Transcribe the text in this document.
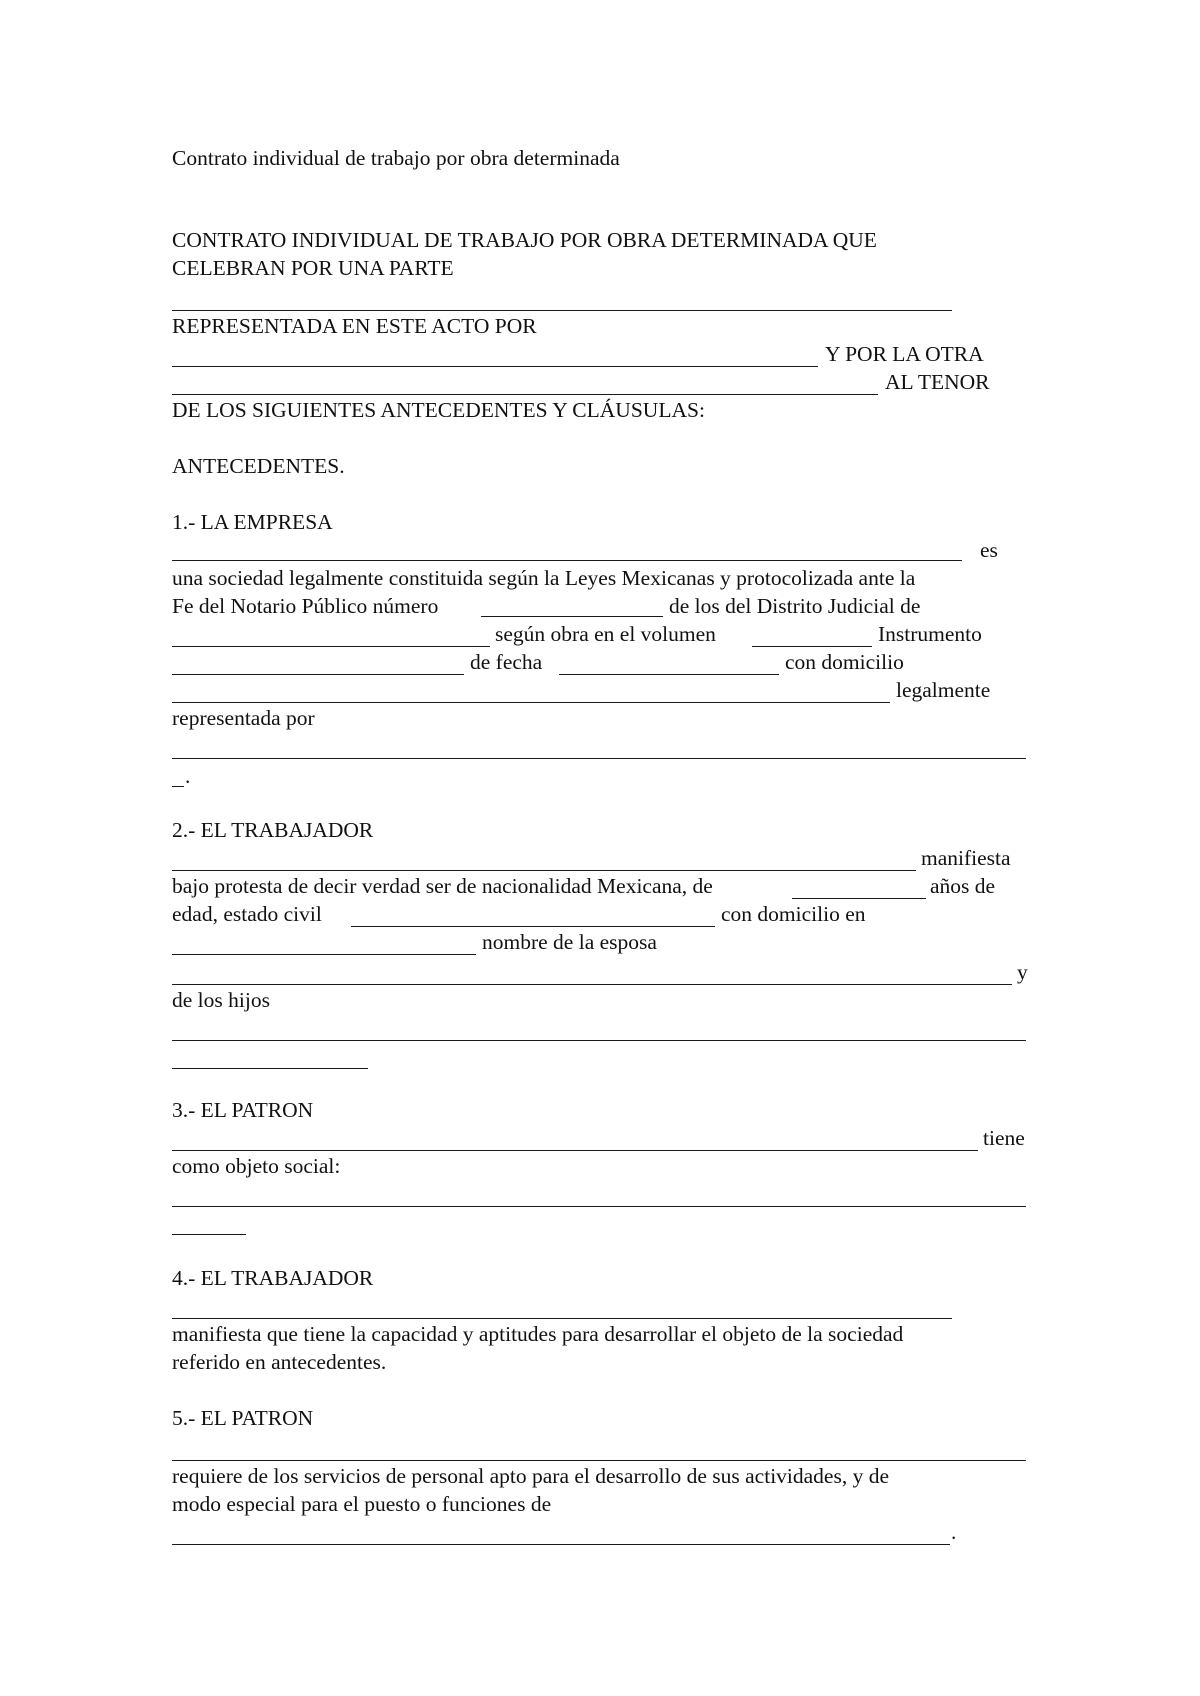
Contrato individual de trabajo por obra determinada
CONTRATO INDIVIDUAL DE TRABAJO POR OBRA DETERMINADA QUE
CELEBRAN POR UNA PARTE
REPRESENTADA EN ESTE ACTO POR
Y POR LA OTRA
AL TENOR
DE LOS SIGUIENTES ANTECEDENTES Y CLÁUSULAS:
ANTECEDENTES.
1.- LA EMPRESA
es
una sociedad legalmente constituida según la Leyes Mexicanas y protocolizada ante la
Fe del Notario Público número	de los del Distrito Judicial de
según obra en el volumen	Instrumento
de fecha	con domicilio
legalmente
representada por
.
2.- EL TRABAJADOR
manifiesta
bajo protesta de decir verdad ser de nacionalidad Mexicana, de	años de
edad, estado civil	con domicilio en
nombre de la esposa
y
de los hijos
3.- EL PATRON
tiene
como objeto social:
4.- EL TRABAJADOR
manifiesta que tiene la capacidad y aptitudes para desarrollar el objeto de la sociedad
referido en antecedentes.
5.- EL PATRON
requiere de los servicios de personal apto para el desarrollo de sus actividades, y de
modo especial para el puesto o funciones de
.
